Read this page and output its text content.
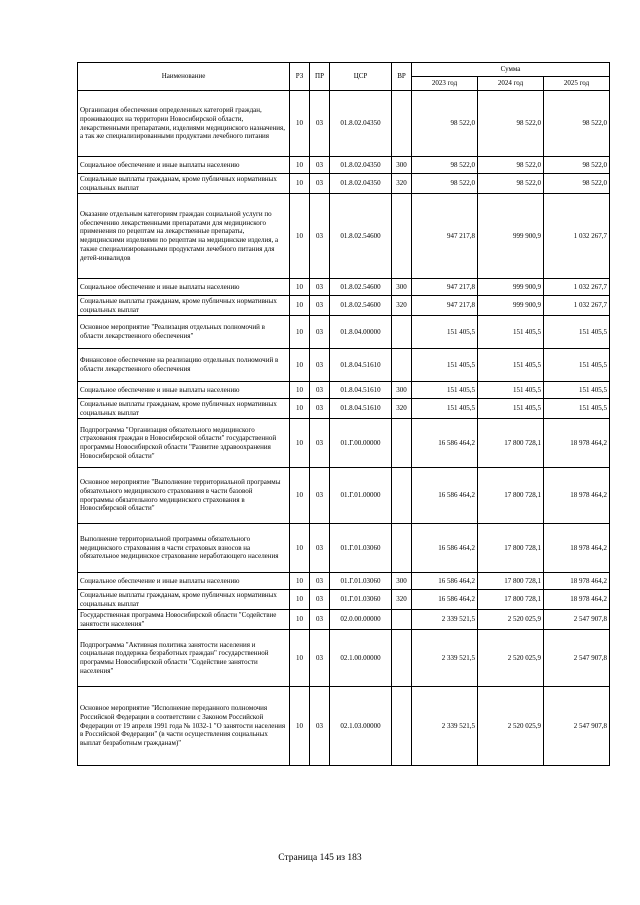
Наименование	РЗ	ПР	ЦСР	ВР	Сумма		
					2023 год	2024 год	2025 год
Организация обеспечения определенных категорий граждан, проживающих на территории Новосибирской области, лекарственными препаратами, изделиями медицинского назначения, а так же специализированными продуктами лечебного питания	10	03	01.8.02.04350		98 522,0	98 522,0	98 522,0
Социальное обеспечение и иные выплаты населению	10	03	01.8.02.04350	300	98 522,0	98 522,0	98 522,0
Социальные выплаты гражданам, кроме публичных нормативных социальных выплат	10	03	01.8.02.04350	320	98 522,0	98 522,0	98 522,0
Оказание отдельным категориям граждан социальной услуги по обеспечению лекарственными препаратами для медицинского применения по рецептам на лекарственные препараты, медицинскими изделиями по рецептам на медицинские изделия, а также специализированными продуктами лечебного питания для детей-инвалидов	10	03	01.8.02.54600		947 217,8	999 900,9	1 032 267,7
Социальное обеспечение и иные выплаты населению	10	03	01.8.02.54600	300	947 217,8	999 900,9	1 032 267,7
Социальные выплаты гражданам, кроме публичных нормативных социальных выплат	10	03	01.8.02.54600	320	947 217,8	999 900,9	1 032 267,7
Основное мероприятие "Реализация отдельных полномочий в области лекарственного обеспечения"	10	03	01.8.04.00000		151 405,5	151 405,5	151 405,5
Финансовое обеспечение на реализацию отдельных полномочий в области лекарственного обеспечения	10	03	01.8.04.51610		151 405,5	151 405,5	151 405,5
Социальное обеспечение и иные выплаты населению	10	03	01.8.04.51610	300	151 405,5	151 405,5	151 405,5
Социальные выплаты гражданам, кроме публичных нормативных социальных выплат	10	03	01.8.04.51610	320	151 405,5	151 405,5	151 405,5
Подпрограмма "Организация обязательного медицинского страхования граждан в Новосибирской области" государственной программы Новосибирской области "Развитие здравоохранения Новосибирской области"	10	03	01.Г.00.00000		16 586 464,2	17 800 728,1	18 978 464,2
Основное мероприятие "Выполнение территориальной программы обязательного медицинского страхования в части базовой программы обязательного медицинского страхования в Новосибирской области"	10	03	01.Г.01.00000		16 586 464,2	17 800 728,1	18 978 464,2
Выполнение территориальной программы обязательного медицинского страхования в части страховых взносов на обязательное медицинское страхование неработающего населения	10	03	01.Г.01.03060		16 586 464,2	17 800 728,1	18 978 464,2
Социальное обеспечение и иные выплаты населению	10	03	01.Г.01.03060	300	16 586 464,2	17 800 728,1	18 978 464,2
Социальные выплаты гражданам, кроме публичных нормативных социальных выплат	10	03	01.Г.01.03060	320	16 586 464,2	17 800 728,1	18 978 464,2
Государственная программа Новосибирской области "Содействие занятости населения"	10	03	02.0.00.00000		2 339 521,5	2 520 025,9	2 547 907,8
Подпрограмма "Активная политика занятости населения и социальная поддержка безработных граждан" государственной программы Новосибирской области "Содействие занятости населения"	10	03	02.1.00.00000		2 339 521,5	2 520 025,9	2 547 907,8
Основное мероприятие "Исполнение переданного полномочия Российской Федерации в соответствии с Законом Российской Федерации от 19 апреля 1991 года № 1032-1 "О занятости населения в Российской Федерации" (в части осуществления социальных выплат безработным гражданам)"	10	03	02.1.03.00000		2 339 521,5	2 520 025,9	2 547 907,8
Страница 145 из 183
